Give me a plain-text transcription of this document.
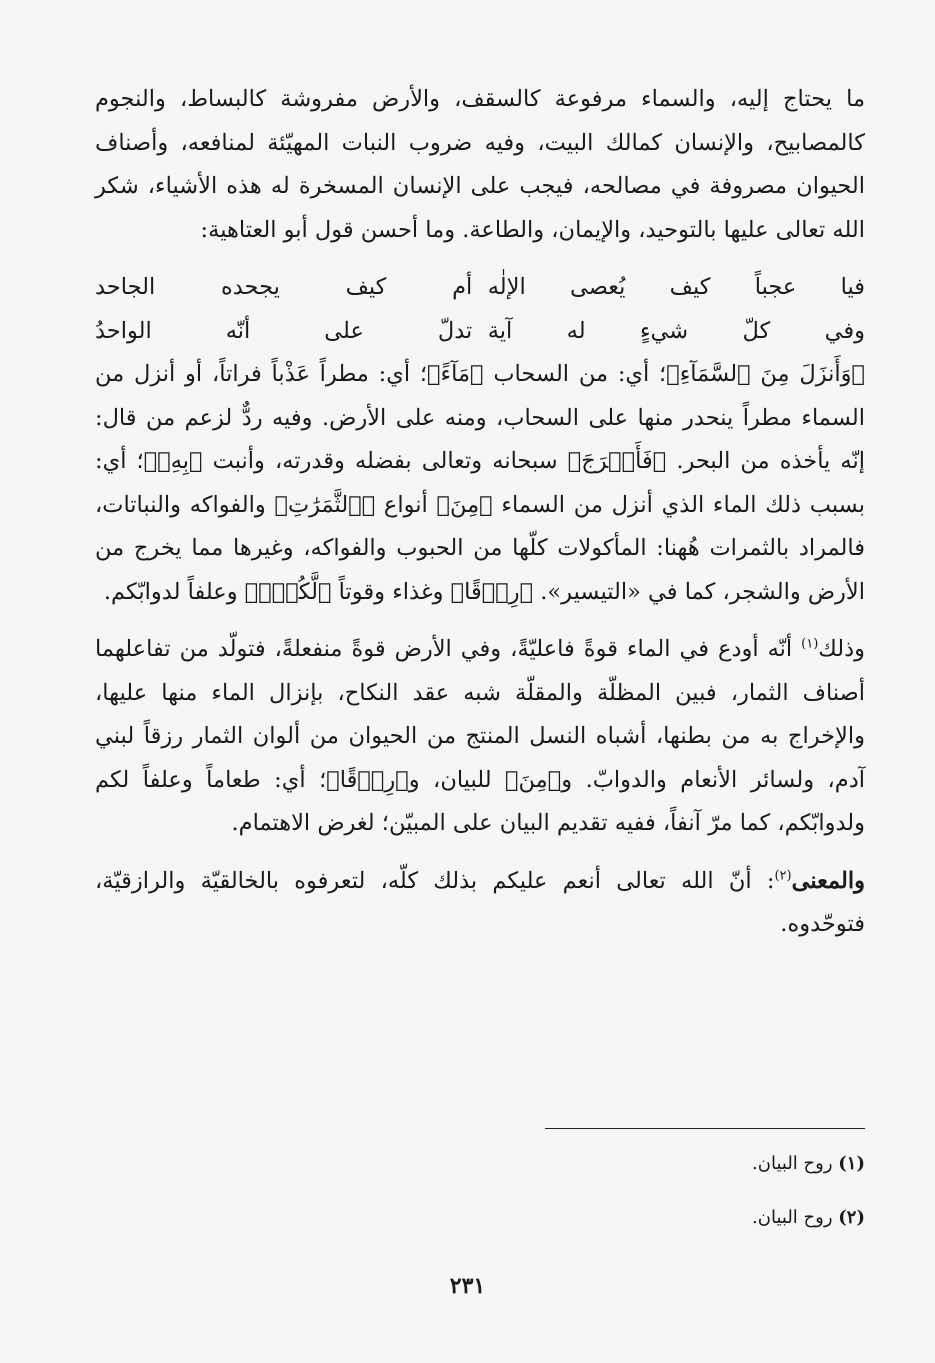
ما يحتاج إليه، والسماء مرفوعة كالسقف، والأرض مفروشة كالبساط، والنجوم كالمصابيح، والإنسان كمالك البيت، وفيه ضروب النبات المهيّئة لمنافعه، وأصناف الحيوان مصروفة في مصالحه، فيجب على الإنسان المسخرة له هذه الأشياء، شكر الله تعالى عليها بالتوحيد، والإيمان، والطاعة. وما أحسن قول أبو العتاهية:

فيا عجباً كيف يُعصى الإلٰه
أم كيف يجحده الجاحد
وفي كلّ شيءٍ له آية
تدلّ على أنّه الواحدُ

﴿وَأَنزَلَ مِنَ ٱلسَّمَآءِ﴾؛ أي: من السحاب ﴿مَآءً﴾؛ أي: مطراً عَذْباً فراتاً، أو أنزل من السماء مطراً ينحدر منها على السحاب، ومنه على الأرض. وفيه ردٌّ لزعم من قال: إنّه يأخذه من البحر. ﴿فَأَخۡرَجَ﴾ سبحانه وتعالى بفضله وقدرته، وأنبت ﴿بِهِۦ﴾؛ أي: بسبب ذلك الماء الذي أنزل من السماء ﴿مِنَ﴾ أنواع ﴿ٱلثَّمَرَٰتِ﴾ والفواكه والنباتات، فالمراد بالثمرات هُهنا: المأكولات كلّها من الحبوب والفواكه، وغيرها مما يخرج من الأرض والشجر، كما في «التيسير». ﴿رِزۡقًا﴾ وغذاء وقوتاً ﴿لَّكُمۡۖ﴾ وعلفاً لدوابّكم.

وذلك$^{(١)}$ أنّه أودع في الماء قوةً فاعليّةً، وفي الأرض قوةً منفعلةً، فتولّد من تفاعلهما أصناف الثمار، فبين المظلّة والمقلّة شبه عقد النكاح، بإنزال الماء منها عليها، والإخراج به من بطنها، أشباه النسل المنتج من الحيوان من ألوان الثمار رزقاً لبني آدم، ولسائر الأنعام والدوابّ. و﴿مِنَ﴾ للبيان، و﴿رِزۡقًا﴾؛ أي: طعاماً وعلفاً لكم ولدوابّكم، كما مرّ آنفاً، ففيه تقديم البيان على المبيّن؛ لغرض الاهتمام.

والمعنى$^{(٢)}$: أنّ الله تعالى أنعم عليكم بذلك كلّه، لتعرفوه بالخالقيّة والرازقيّة، فتوحّدوه.

(١) روح البيان.
(٢) روح البيان.
٢٣١
